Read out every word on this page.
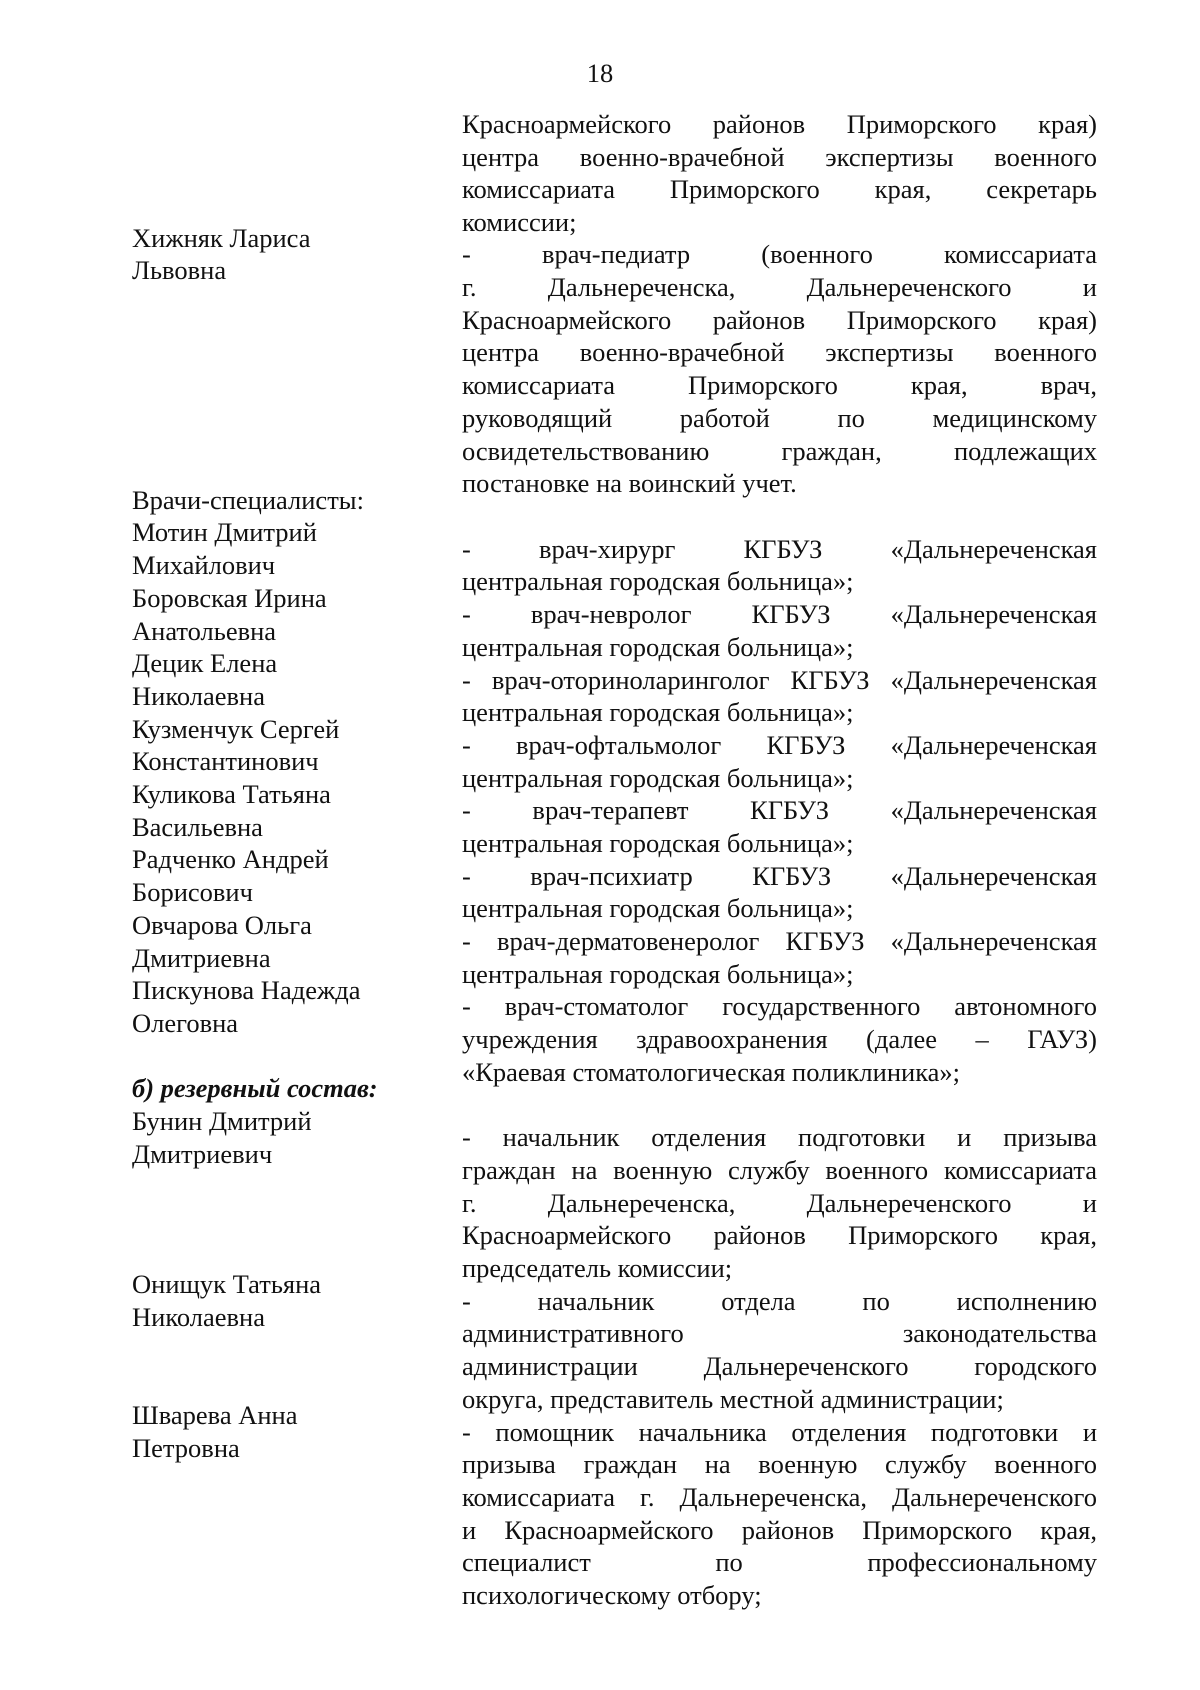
18
Хижняк Лариса
Львовна
Врачи-специалисты:
Мотин Дмитрий
Михайлович
Боровская Ирина
Анатольевна
Децик Елена
Николаевна
Кузменчук Сергей
Константинович
Куликова Татьяна
Васильевна
Радченко Андрей
Борисович
Овчарова Ольга
Дмитриевна
Пискунова Надежда
Олеговна
б) резервный состав:
Бунин Дмитрий
Дмитриевич
Онищук Татьяна
Николаевна
Шварева Анна
Петровна
Красноармейского районов Приморского края)
центра военно-врачебной экспертизы военного
комиссариата Приморского края, секретарь
комиссии;
- врач-педиатр (военного комиссариата
г. Дальнереченска, Дальнереченского и
Красноармейского районов Приморского края)
центра военно-врачебной экспертизы военного
комиссариата Приморского края, врач,
руководящий работой по медицинскому
освидетельствованию граждан, подлежащих
постановке на воинский учет.
- врач-хирург КГБУЗ «Дальнереченская
центральная городская больница»;
- врач-невролог КГБУЗ «Дальнереченская
центральная городская больница»;
- врач-оториноларинголог КГБУЗ «Дальнереченская
центральная городская больница»;
- врач-офтальмолог КГБУЗ «Дальнереченская
центральная городская больница»;
- врач-терапевт КГБУЗ «Дальнереченская
центральная городская больница»;
- врач-психиатр КГБУЗ «Дальнереченская
центральная городская больница»;
- врач-дерматовенеролог КГБУЗ «Дальнереченская
центральная городская больница»;
- врач-стоматолог государственного автономного
учреждения здравоохранения (далее – ГАУЗ)
«Краевая стоматологическая поликлиника»;
- начальник отделения подготовки и призыва
граждан на военную службу военного комиссариата
г. Дальнереченска, Дальнереченского и
Красноармейского районов Приморского края,
председатель комиссии;
- начальник отдела по исполнению
административного законодательства
администрации Дальнереченского городского
округа, представитель местной администрации;
- помощник начальника отделения подготовки и
призыва граждан на военную службу военного
комиссариата г. Дальнереченска, Дальнереченского
и Красноармейского районов Приморского края,
специалист по профессиональному
психологическому отбору;
